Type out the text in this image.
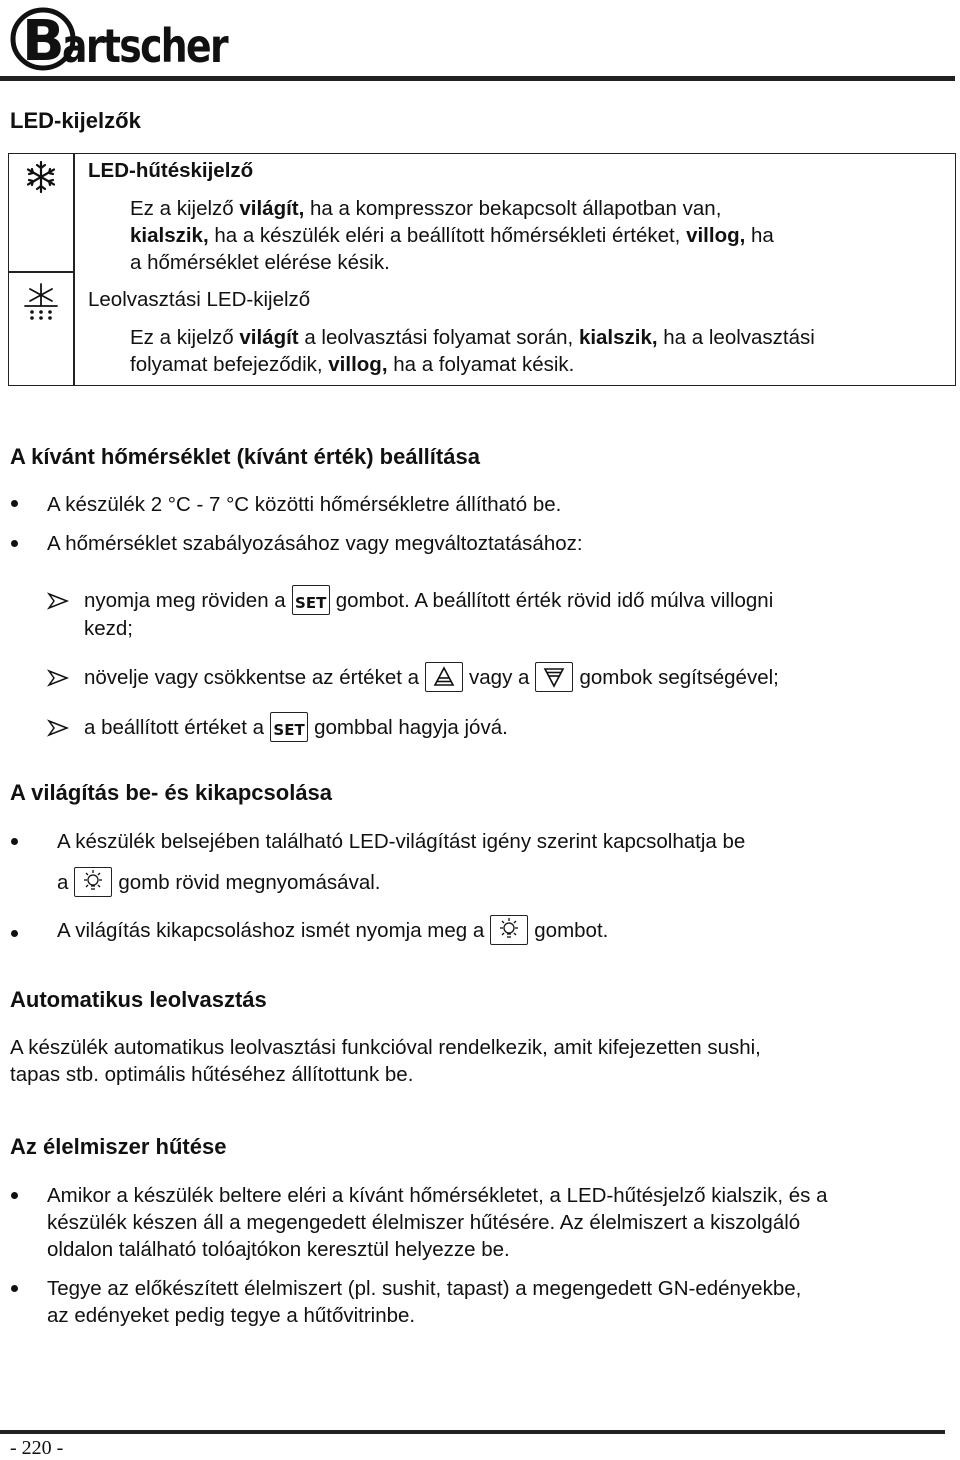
B
artscher
LED-kijelzők

LED-hűtéskijelző

Ez a kijelző világít, ha a kompresszor bekapcsolt állapotban van,

kialszik, ha a készülék eléri a beállított hőmérsékleti értéket, villog, ha

a hőmérséklet elérése késik.

Leolvasztási LED-kijelző

Ez a kijelző világít a leolvasztási folyamat során, kialszik, ha a leolvasztási

folyamat befejeződik, villog, ha a folyamat késik.

A kívánt hőmérséklet (kívánt érték) beállítása

A készülék 2 °C - 7 °C közötti hőmérsékletre állítható be.

A hőmérséklet szabályozásához vagy megváltoztatásához:

nyomja meg röviden a SET gombot. A beállított érték rövid idő múlva villogni

kezd;

növelje vagy csökkentse az értéket a vagy a gombok segítségével;

a beállított értéket a SET gombbal hagyja jóvá.

A világítás be- és kikapcsolása

A készülék belsejében található LED-világítást igény szerint kapcsolhatja be

a gomb rövid megnyomásával.

A világítás kikapcsoláshoz ismét nyomja meg a gombot.

Automatikus leolvasztás

A készülék automatikus leolvasztási funkcióval rendelkezik, amit kifejezetten sushi,

tapas stb. optimális hűtéséhez állítottunk be.

Az élelmiszer hűtése

Amikor a készülék beltere eléri a kívánt hőmérsékletet, a LED-hűtésjelző kialszik, és a

készülék készen áll a megengedett élelmiszer hűtésére. Az élelmiszert a kiszolgáló

oldalon található tolóajtókon keresztül helyezze be.

Tegye az előkészített élelmiszert (pl. sushit, tapast) a megengedett GN-edényekbe,

az edényeket pedig tegye a hűtővitrinbe.

- 220 -
